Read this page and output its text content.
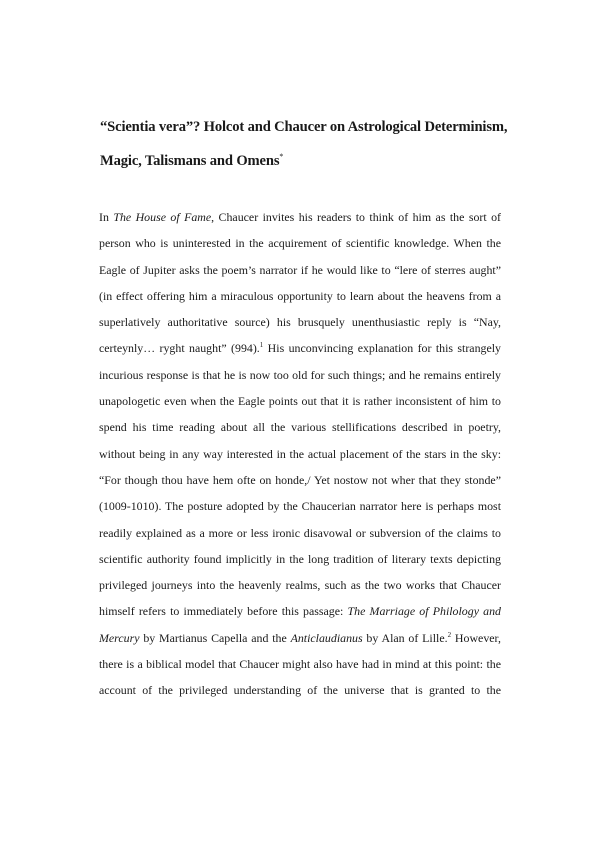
“Scientia vera”? Holcot and Chaucer on Astrological Determinism,
Magic, Talismans and Omens*
In The House of Fame, Chaucer invites his readers to think of him as the sort of
person who is uninterested in the acquirement of scientific knowledge. When the
Eagle of Jupiter asks the poem’s narrator if he would like to “lere of sterres aught”
(in effect offering him a miraculous opportunity to learn about the heavens from a
superlatively authoritative source) his brusquely unenthusiastic reply is “Nay,
certeynly… ryght naught” (994).$^1$ His unconvincing explanation for this strangely
incurious response is that he is now too old for such things; and he remains entirely
unapologetic even when the Eagle points out that it is rather inconsistent of him to
spend his time reading about all the various stellifications described in poetry,
without being in any way interested in the actual placement of the stars in the sky:
“For though thou have hem ofte on honde,/ Yet nostow not wher that they stonde”
(1009-1010). The posture adopted by the Chaucerian narrator here is perhaps most
readily explained as a more or less ironic disavowal or subversion of the claims to
scientific authority found implicitly in the long tradition of literary texts depicting
privileged journeys into the heavenly realms, such as the two works that Chaucer
himself refers to immediately before this passage: The Marriage of Philology and
Mercury by Martianus Capella and the Anticlaudianus by Alan of Lille.$^2$ However,
there is a biblical model that Chaucer might also have had in mind at this point: the
account of the privileged understanding of the universe that is granted to the
